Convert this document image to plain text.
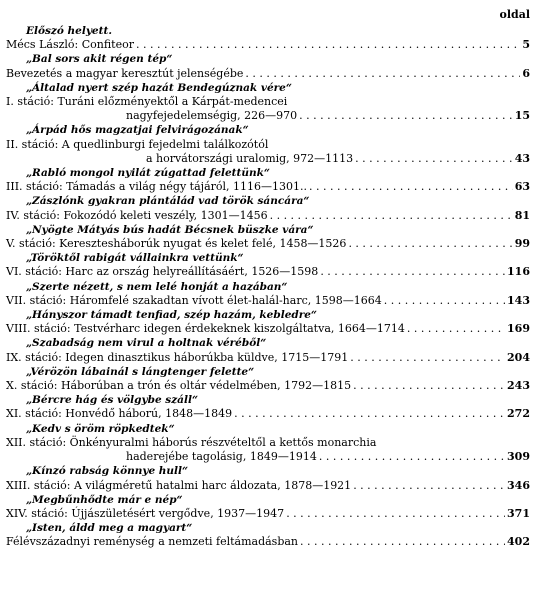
oldal
Előszó helyett.
Mécs László: Confiteor . . .	5
„Bal sors akit régen tép“
Bevezetés a magyar keresztút jelenségébe . . .	6
„Általad nyert szép hazát Bendegúznak vére“
I. stáció: Turáni előzményektől a Kárpát-medencei
nagyfejedelemségig, 226—970 . . .	15
„Árpád hős magzatjai felvirágozának“
II. stáció: A quedlinburgi fejedelmi találkozótól
a horvátországi uralomig, 972—1113 . . .	43
„Rabló mongol nyilát zúgattad felettünk“
III. stáció: Támadás a világ négy tájáról, 1116—1301.. . . .	63
„Zászlónk gyakran plántálád vad török sáncára“
IV. stáció: Fokozódó keleti veszély, 1301—1456 . . .	81
„Nyögte Mátyás bús hadát Bécsnek büszke vára“
V. stáció: Keresztesháborúk nyugat és kelet felé, 1458—1526 . . .	99
„Töröktől rabigát vállainkra vettünk“
VI. stáció: Harc az ország helyreállításáért, 1526—1598 . . .	116
„Szerte nézett, s nem lelé honját a hazában“
VII. stáció: Háromfelé szakadtan vívott élet-halál-harc, 1598—1664 . . .	143
„Hányszor támadt tenfiad, szép hazám, kebledre“
VIII. stáció: Testvérharc idegen érdekeknek kiszolgáltatva, 1664—1714 . . .	169
„Szabadság nem virul a holtnak véréből“
IX. stáció: Idegen dinasztikus háborúkba küldve, 1715—1791 . . .	204
„Vérözön lábainál s lángtenger felette“
X. stáció: Háborúban a trón és oltár védelmében, 1792—1815 . . .	243
„Bércre hág és völgybe száll“
XI. stáció: Honvédő háború, 1848—1849 . . .	272
„Kedv s öröm röpkedtek“
XII. stáció: Önkényuralmi háborús részvételtől a kettős monarchia
haderejébe tagolásig, 1849—1914 . . .	309
„Kínzó rabság könnye hull“
XIII. stáció: A világméretű hatalmi harc áldozata, 1878—1921 . . .	346
„Megbűnhődte már e nép“
XIV. stáció: Újjászületésért vergődve, 1937—1947 . . .	371
„Isten, áldd meg a magyart“
Félévszázadnyi reménység a nemzeti feltámadásban . . .	402
